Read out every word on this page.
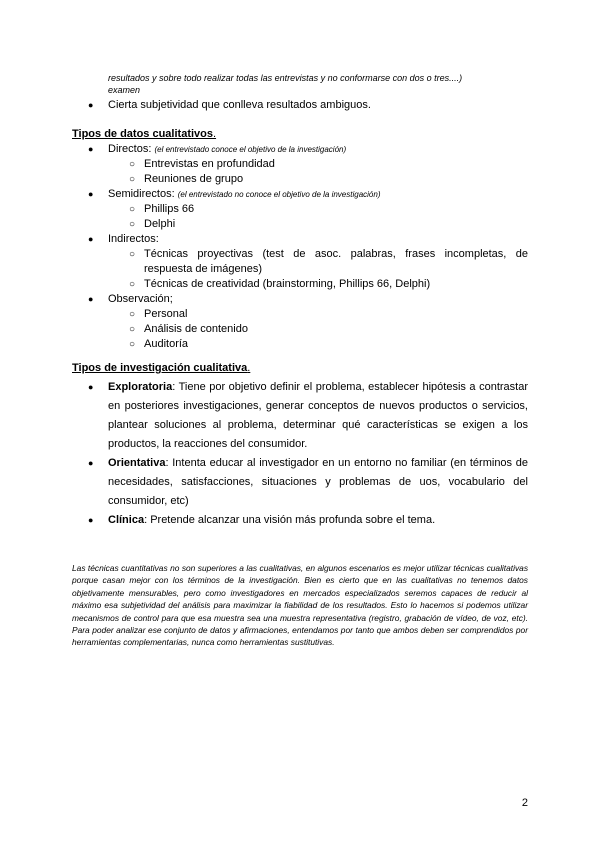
resultados y sobre todo realizar todas las entrevistas y no conformarse con dos o tres....)
examen
● Cierta subjetividad que conlleva resultados ambiguos.
Tipos de datos cualitativos.
● Directos: (el entrevistado conoce el objetivo de la investigación)
○ Entrevistas en profundidad
○ Reuniones de grupo
● Semidirectos: (el entrevistado no conoce el objetivo de la investigación)
○ Phillips 66
○ Delphi
● Indirectos:
○ Técnicas proyectivas (test de asoc. palabras, frases incompletas, de respuesta de imágenes)
○ Técnicas de creatividad (brainstorming, Phillips 66, Delphi)
● Observación;
○ Personal
○ Análisis de contenido
○ Auditoría
Tipos de investigación cualitativa.
● Exploratoria: Tiene por objetivo definir el problema, establecer hipótesis a contrastar en posteriores investigaciones, generar conceptos de nuevos productos o servicios, plantear soluciones al problema, determinar qué características se exigen a los productos, la reacciones del consumidor.
● Orientativa: Intenta educar al investigador en un entorno no familiar (en términos de necesidades, satisfacciones, situaciones y problemas de uos, vocabulario del consumidor, etc)
● Clínica: Pretende alcanzar una visión más profunda sobre el tema.
Las técnicas cuantitativas no son superiores a las cualitativas, en algunos escenarios es mejor utilizar técnicas cualitativas porque casan mejor con los términos de la investigación. Bien es cierto que en las cualitativas no tenemos datos objetivamente mensurables, pero como investigadores en mercados especializados seremos capaces de reducir al máximo esa subjetividad del análisis para maximizar la fiabilidad de los resultados. Esto lo hacemos si podemos utilizar mecanismos de control para que esa muestra sea una muestra representativa (registro, grabación de vídeo, de voz, etc). Para poder analizar ese conjunto de datos y afirmaciones, entendamos por tanto que ambos deben ser comprendidos por herramientas complementarias, nunca como herramientas sustitutivas.
2
